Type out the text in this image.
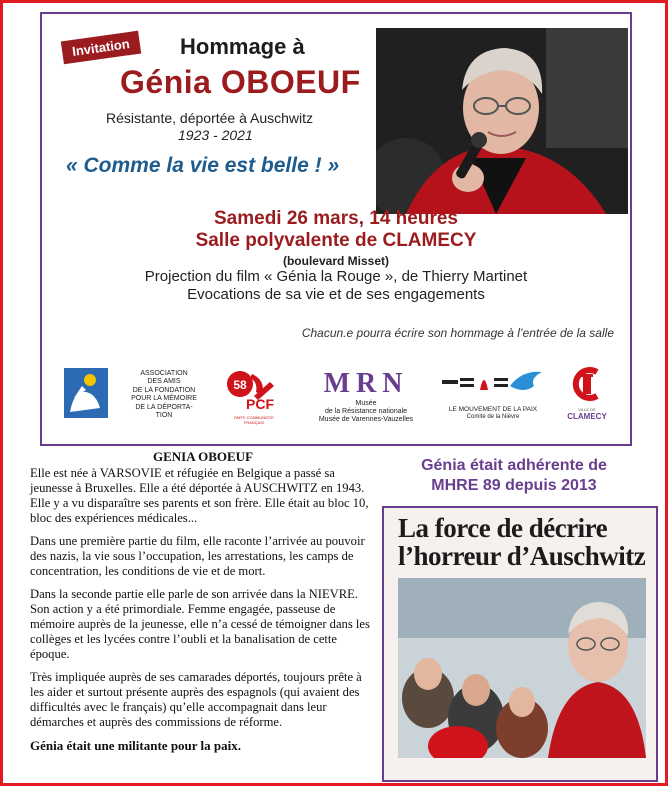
Invitation	Hommage à
Génia OBOEUF
Résistante, déportée à Auschwitz
1923 - 2021
« Comme la vie est belle ! »
Samedi 26 mars, 14 heures
Salle polyvalente de CLAMECY
(boulevard Misset)
Projection du film « Génia la Rouge », de Thierry Martinet
Evocations de sa vie et de ses engagements
Chacun.e pourra écrire son hommage à l’entrée de la salle
ASSOCIATION
DES AMIS
DE LA FONDATION
POUR LA MÉMOIRE
DE LA DÉPORTA-
TION
58
PCF
PARTI COMMUNISTE FRANÇAIS
MRN
Musée
de la Résistance nationale
Musée de Varennes-Vauzelles
LE MOUVEMENT DE LA PAIX
Comité de la Nièvre
VILLE DE
CLAMECY
GENIA OBOEUF

Elle est née à VARSOVIE et réfugiée en Belgique a passé sa jeunesse à Bruxelles. Elle a été déportée à AUSCHWITZ en 1943. Elle y a vu disparaître ses parents et son frère. Elle était au bloc 10, bloc des expériences médicales...

Dans une première partie du film, elle raconte l’arrivée au pouvoir des nazis, la vie sous l’occupation, les arrestations, les camps de concentration, les conditions de vie et de mort.

Dans la seconde partie elle parle de son arrivée dans la NIEVRE. Son action y a été primordiale. Femme engagée, passeuse de mémoire auprès de la jeunesse, elle n’a cessé de témoigner dans les collèges et les lycées contre l’oubli et la banalisation de cette époque.

Très impliquée auprès de ses camarades déportés, toujours prête à les aider et surtout présente auprès des espagnols (qui avaient des difficultés avec le français) qu’elle accompagnait dans leur démarches et auprès des commissions de réforme.

Génia était une militante pour la paix.
Génia était adhérente de
MHRE 89 depuis 2013
La force de décrire
l’horreur d’Auschwitz
